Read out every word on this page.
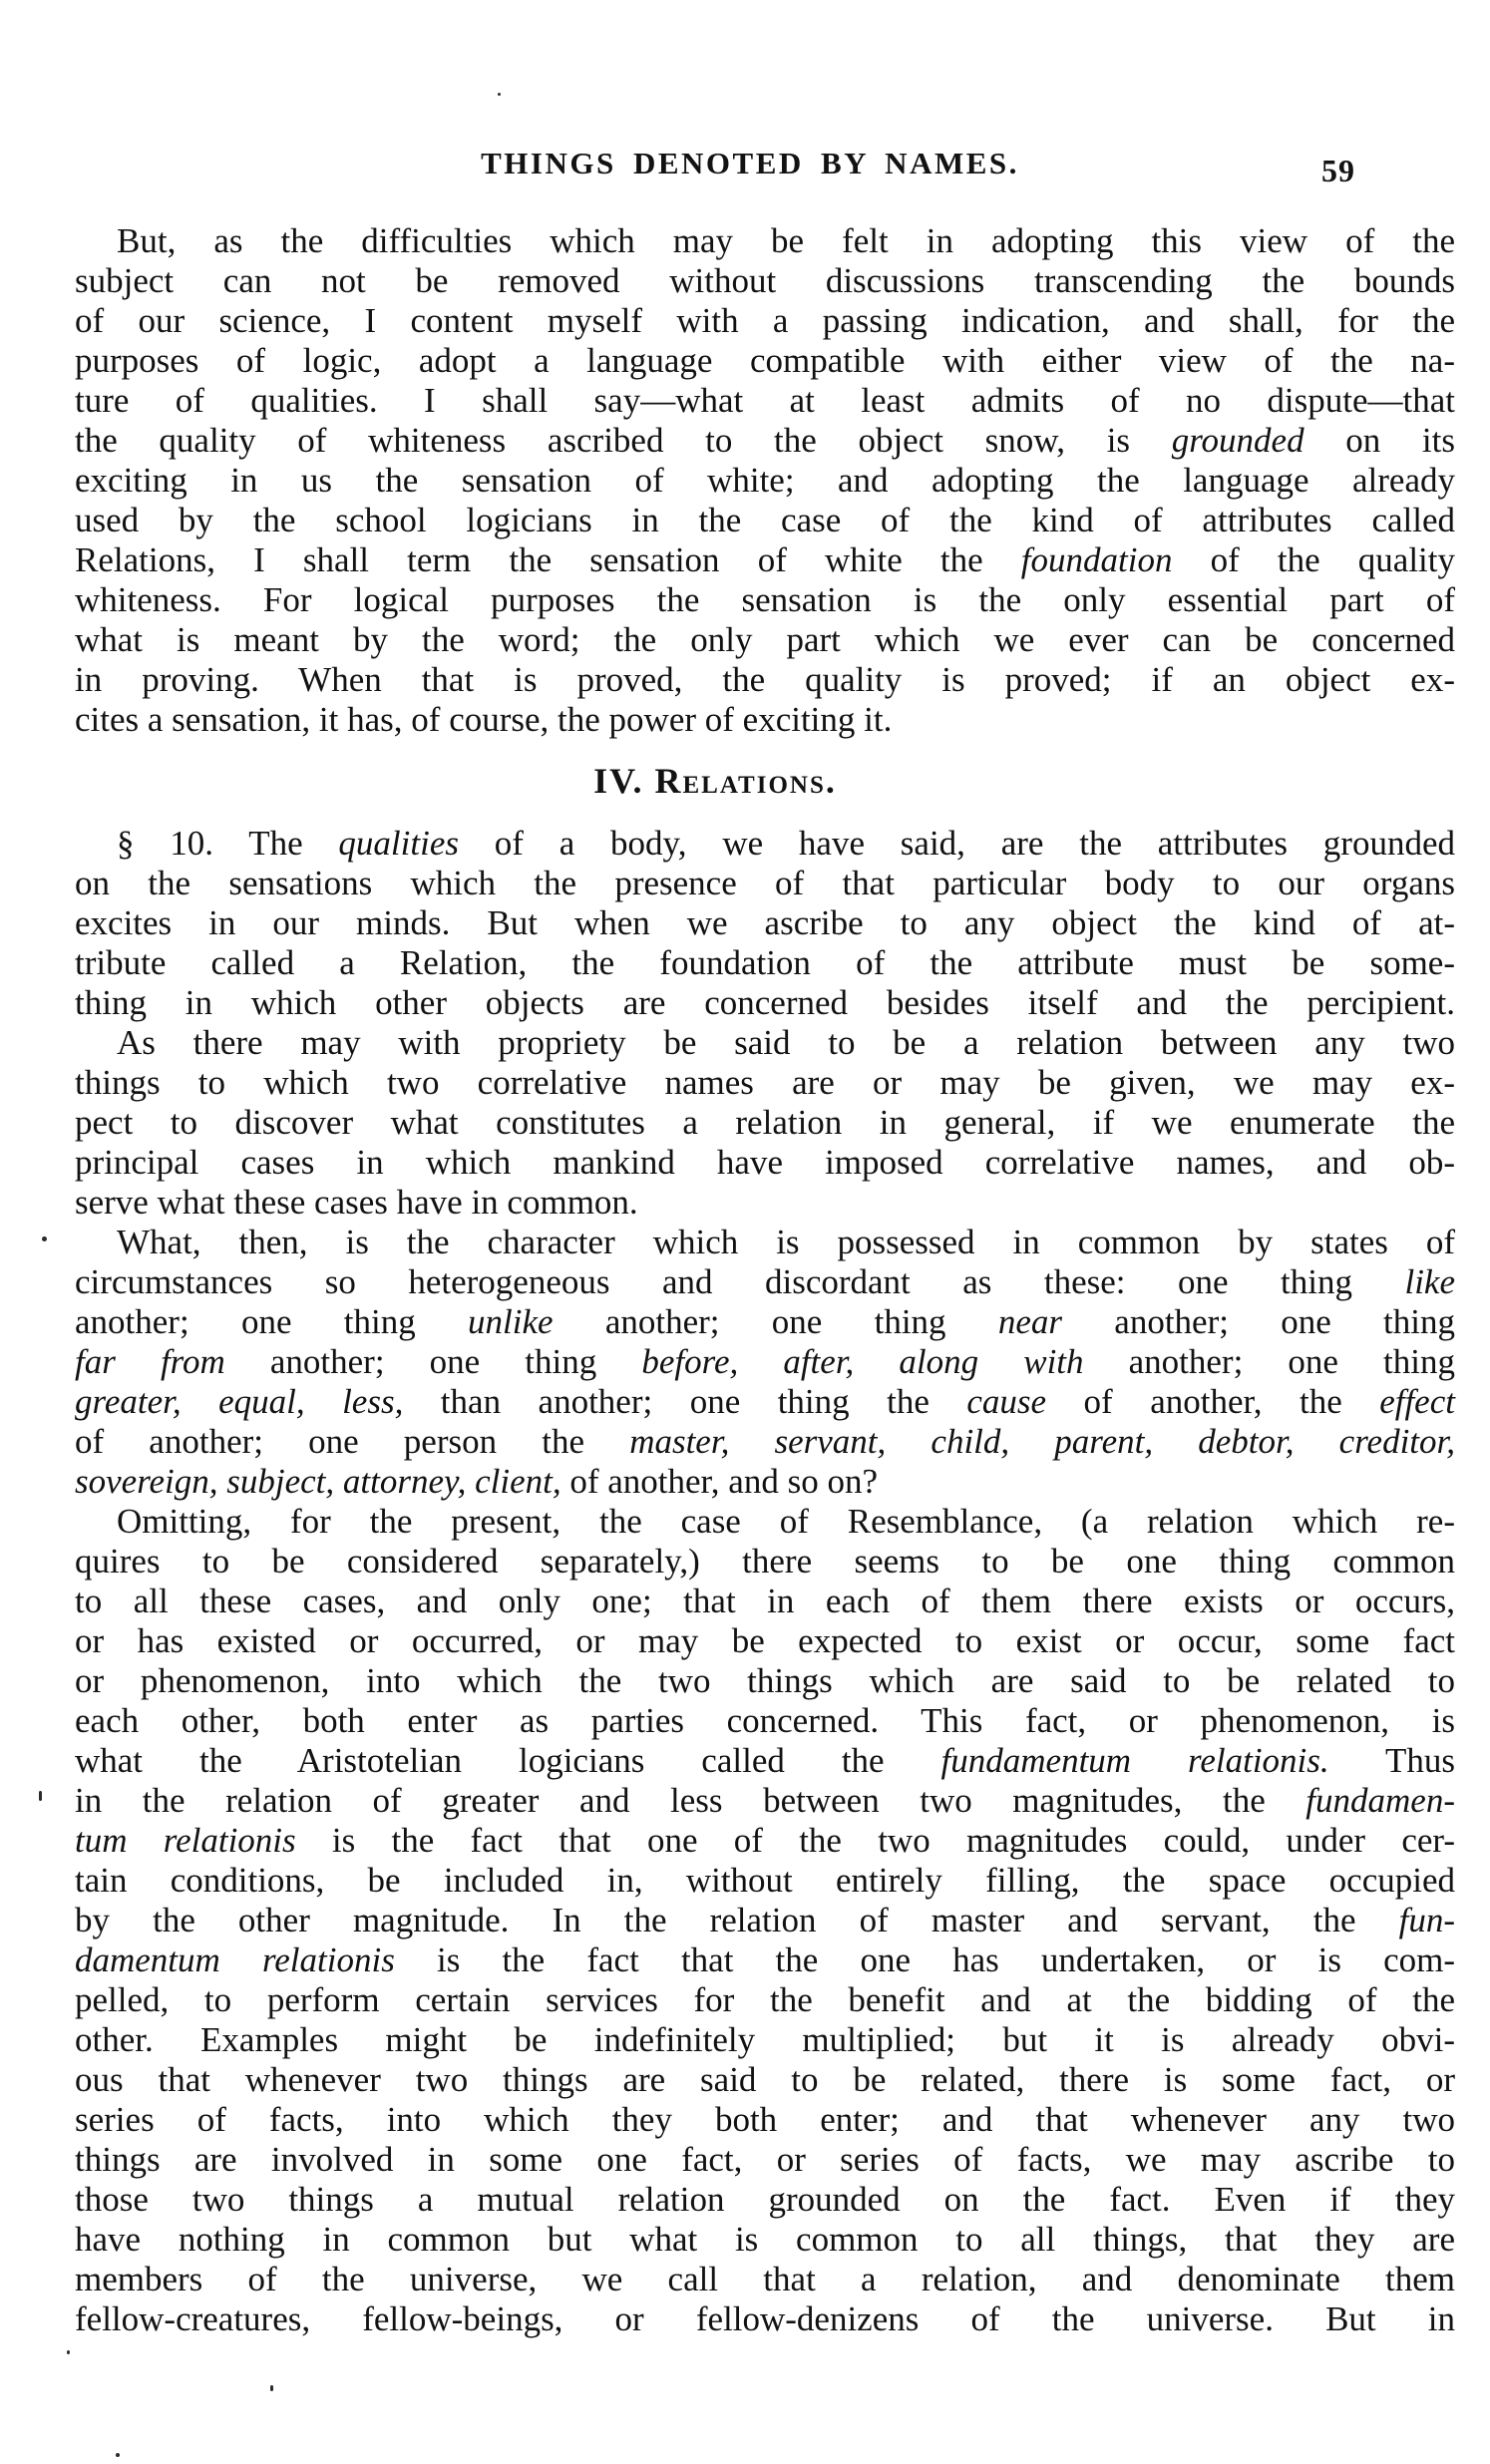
THINGS DENOTED BY NAMES.	59
But, as the difficulties which may be felt in adopting this view of the
subject can not be removed without discussions transcending the bounds
of our science, I content myself with a passing indication, and shall, for the
purposes of logic, adopt a language compatible with either view of the na-
ture of qualities. I shall say—what at least admits of no dispute—that
the quality of whiteness ascribed to the object snow, is grounded on its
exciting in us the sensation of white; and adopting the language already
used by the school logicians in the case of the kind of attributes called
Relations, I shall term the sensation of white the foundation of the quality
whiteness. For logical purposes the sensation is the only essential part of
what is meant by the word; the only part which we ever can be concerned
in proving. When that is proved, the quality is proved; if an object ex-
cites a sensation, it has, of course, the power of exciting it.
IV. Relations.
§ 10. The qualities of a body, we have said, are the attributes grounded
on the sensations which the presence of that particular body to our organs
excites in our minds. But when we ascribe to any object the kind of at-
tribute called a Relation, the foundation of the attribute must be some-
thing in which other objects are concerned besides itself and the percipient.
As there may with propriety be said to be a relation between any two
things to which two correlative names are or may be given, we may ex-
pect to discover what constitutes a relation in general, if we enumerate the
principal cases in which mankind have imposed correlative names, and ob-
serve what these cases have in common.
What, then, is the character which is possessed in common by states of
circumstances so heterogeneous and discordant as these: one thing like
another; one thing unlike another; one thing near another; one thing
far from another; one thing before, after, along with another; one thing
greater, equal, less, than another; one thing the cause of another, the effect
of another; one person the master, servant, child, parent, debtor, creditor,
sovereign, subject, attorney, client, of another, and so on?
Omitting, for the present, the case of Resemblance, (a relation which re-
quires to be considered separately,) there seems to be one thing common
to all these cases, and only one; that in each of them there exists or occurs,
or has existed or occurred, or may be expected to exist or occur, some fact
or phenomenon, into which the two things which are said to be related to
each other, both enter as parties concerned. This fact, or phenomenon, is
what the Aristotelian logicians called the fundamentum relationis. Thus
in the relation of greater and less between two magnitudes, the fundamen-
tum relationis is the fact that one of the two magnitudes could, under cer-
tain conditions, be included in, without entirely filling, the space occupied
by the other magnitude. In the relation of master and servant, the fun-
damentum relationis is the fact that the one has undertaken, or is com-
pelled, to perform certain services for the benefit and at the bidding of the
other. Examples might be indefinitely multiplied; but it is already obvi-
ous that whenever two things are said to be related, there is some fact, or
series of facts, into which they both enter; and that whenever any two
things are involved in some one fact, or series of facts, we may ascribe to
those two things a mutual relation grounded on the fact. Even if they
have nothing in common but what is common to all things, that they are
members of the universe, we call that a relation, and denominate them
fellow-creatures, fellow-beings, or fellow-denizens of the universe. But in
